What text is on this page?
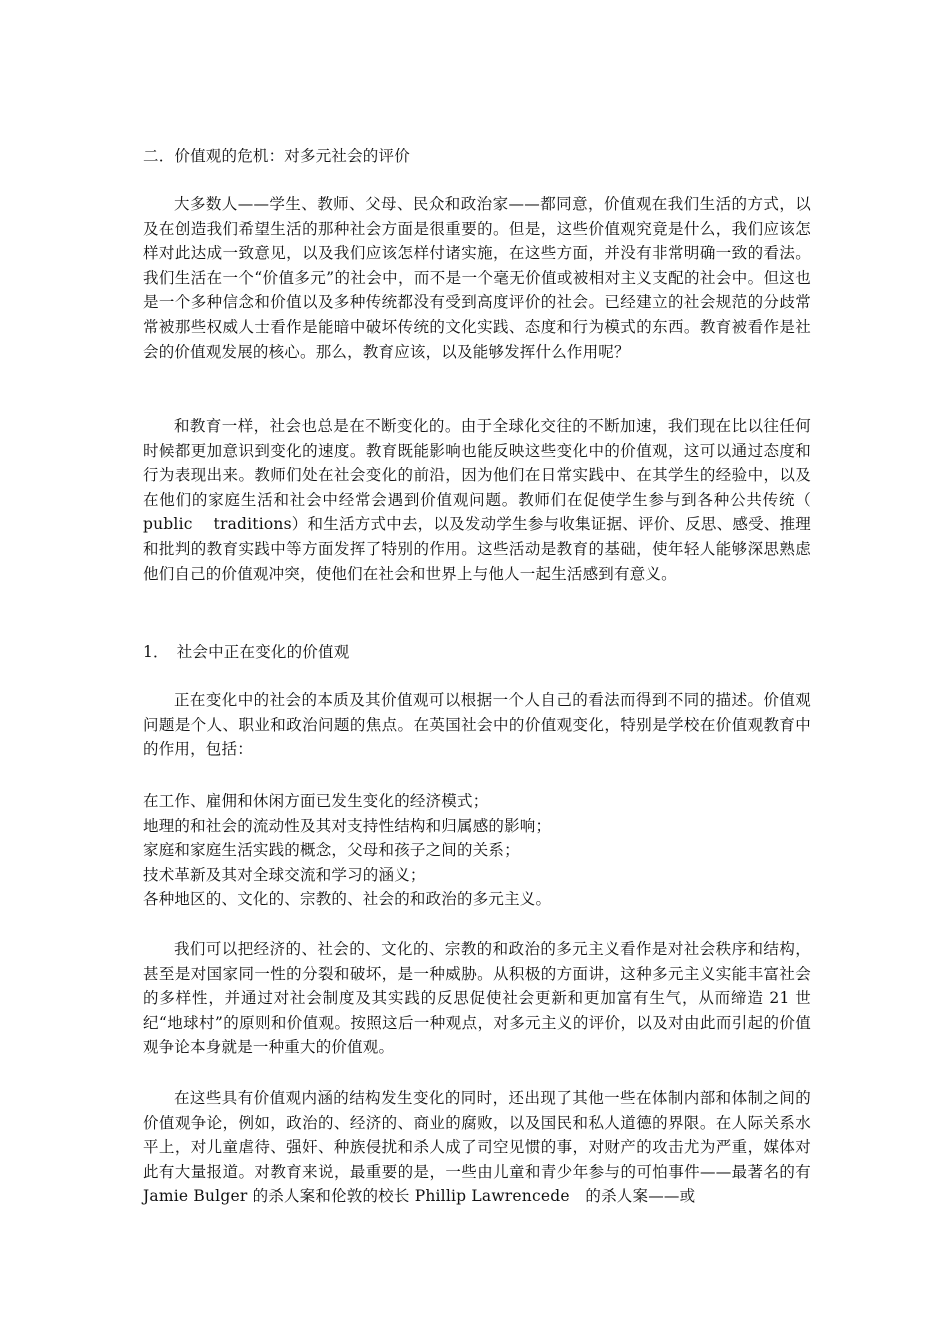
二．价值观的危机：对多元社会的评价
大多数人——学生、教师、父母、民众和政治家——都同意，价值观在我们生活的方式，以及在创造我们希望生活的那种社会方面是很重要的。但是，这些价值观究竟是什么，我们应该怎样对此达成一致意见，以及我们应该怎样付诸实施，在这些方面，并没有非常明确一致的看法。我们生活在一个“价值多元”的社会中，而不是一个毫无价值或被相对主义支配的社会中。但这也是一个多种信念和价值以及多种传统都没有受到高度评价的社会。已经建立的社会规范的分歧常常被那些权威人士看作是能暗中破坏传统的文化实践、态度和行为模式的东西。教育被看作是社会的价值观发展的核心。那么，教育应该，以及能够发挥什么作用呢？
和教育一样，社会也总是在不断变化的。由于全球化交往的不断加速，我们现在比以往任何时候都更加意识到变化的速度。教育既能影响也能反映这些变化中的价值观，这可以通过态度和行为表现出来。教师们处在社会变化的前沿，因为他们在日常实践中、在其学生的经验中，以及在他们的家庭生活和社会中经常会遇到价值观问题。教师们在促使学生参与到各种公共传统（ public　 traditions）和生活方式中去，以及发动学生参与收集证据、评价、反思、感受、推理和批判的教育实践中等方面发挥了特别的作用。这些活动是教育的基础，使年轻人能够深思熟虑他们自己的价值观冲突，使他们在社会和世界上与他人一起生活感到有意义。
1．　社会中正在变化的价值观
正在变化中的社会的本质及其价值观可以根据一个人自己的看法而得到不同的描述。价值观问题是个人、职业和政治问题的焦点。在英国社会中的价值观变化，特别是学校在价值观教育中的作用，包括：
在工作、雇佣和休闲方面已发生变化的经济模式；
地理的和社会的流动性及其对支持性结构和归属感的影响；
家庭和家庭生活实践的概念，父母和孩子之间的关系；
技术革新及其对全球交流和学习的涵义；
各种地区的、文化的、宗教的、社会的和政治的多元主义。
我们可以把经济的、社会的、文化的、宗教的和政治的多元主义看作是对社会秩序和结构，甚至是对国家同一性的分裂和破坏，是一种威胁。从积极的方面讲，这种多元主义实能丰富社会的多样性，并通过对社会制度及其实践的反思促使社会更新和更加富有生气，从而缔造 21 世纪“地球村”的原则和价值观。按照这后一种观点，对多元主义的评价，以及对由此而引起的价值观争论本身就是一种重大的价值观。
在这些具有价值观内涵的结构发生变化的同时，还出现了其他一些在体制内部和体制之间的价值观争论，例如，政治的、经济的、商业的腐败，以及国民和私人道德的界限。在人际关系水平上，对儿童虐待、强奸、种族侵扰和杀人成了司空见惯的事，对财产的攻击尤为严重，媒体对此有大量报道。对教育来说，最重要的是，一些由儿童和青少年参与的可怕事件——最著名的有 Jamie Bulger 的杀人案和伦敦的校长 Phillip Lawrencede　的杀人案——或
